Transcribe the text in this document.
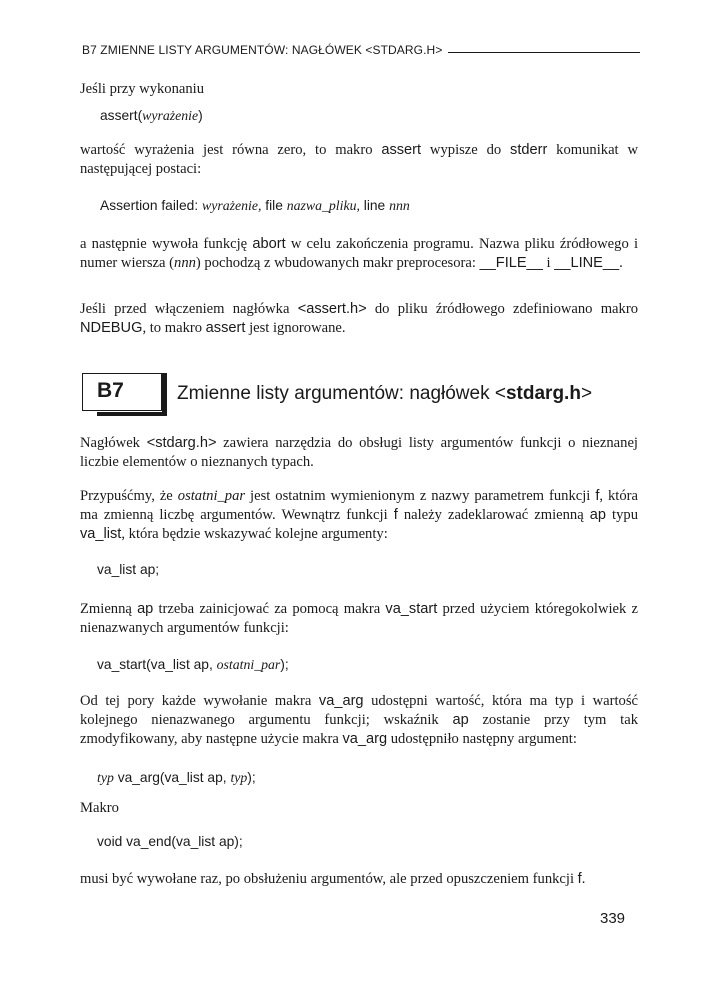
B7 ZMIENNE LISTY ARGUMENTÓW: NAGŁÓWEK <STDARG.H>
Jeśli przy wykonaniu
assert(wyrażenie)
wartość wyrażenia jest równa zero, to makro assert wypisze do stderr komunikat w następującej postaci:
Assertion failed: wyrażenie, file nazwa_pliku, line nnn
a następnie wywoła funkcję abort w celu zakończenia programu. Nazwa pliku źródłowego i numer wiersza (nnn) pochodzą z wbudowanych makr preprocesora: __FILE__ i __LINE__.
Jeśli przed włączeniem nagłówka <assert.h> do pliku źródłowego zdefiniowano makro NDEBUG, to makro assert jest ignorowane.
B7	Zmienne listy argumentów: nagłówek <stdarg.h>
Nagłówek <stdarg.h> zawiera narzędzia do obsługi listy argumentów funkcji o nieznanej liczbie elementów o nieznanych typach.
Przypuśćmy, że ostatni_par jest ostatnim wymienionym z nazwy parametrem funkcji f, która ma zmienną liczbę argumentów. Wewnątrz funkcji f należy zadeklarować zmienną ap typu va_list, która będzie wskazywać kolejne argumenty:
va_list ap;
Zmienną ap trzeba zainicjować za pomocą makra va_start przed użyciem któregokolwiek z nienazwanych argumentów funkcji:
va_start(va_list ap, ostatni_par);
Od tej pory każde wywołanie makra va_arg udostępni wartość, która ma typ i wartość kolejnego nienazwanego argumentu funkcji; wskaźnik ap zostanie przy tym tak zmodyfikowany, aby następne użycie makra va_arg udostępniło następny argument:
typ va_arg(va_list ap, typ);
Makro
void va_end(va_list ap);
musi być wywołane raz, po obsłużeniu argumentów, ale przed opuszczeniem funkcji f.
339
